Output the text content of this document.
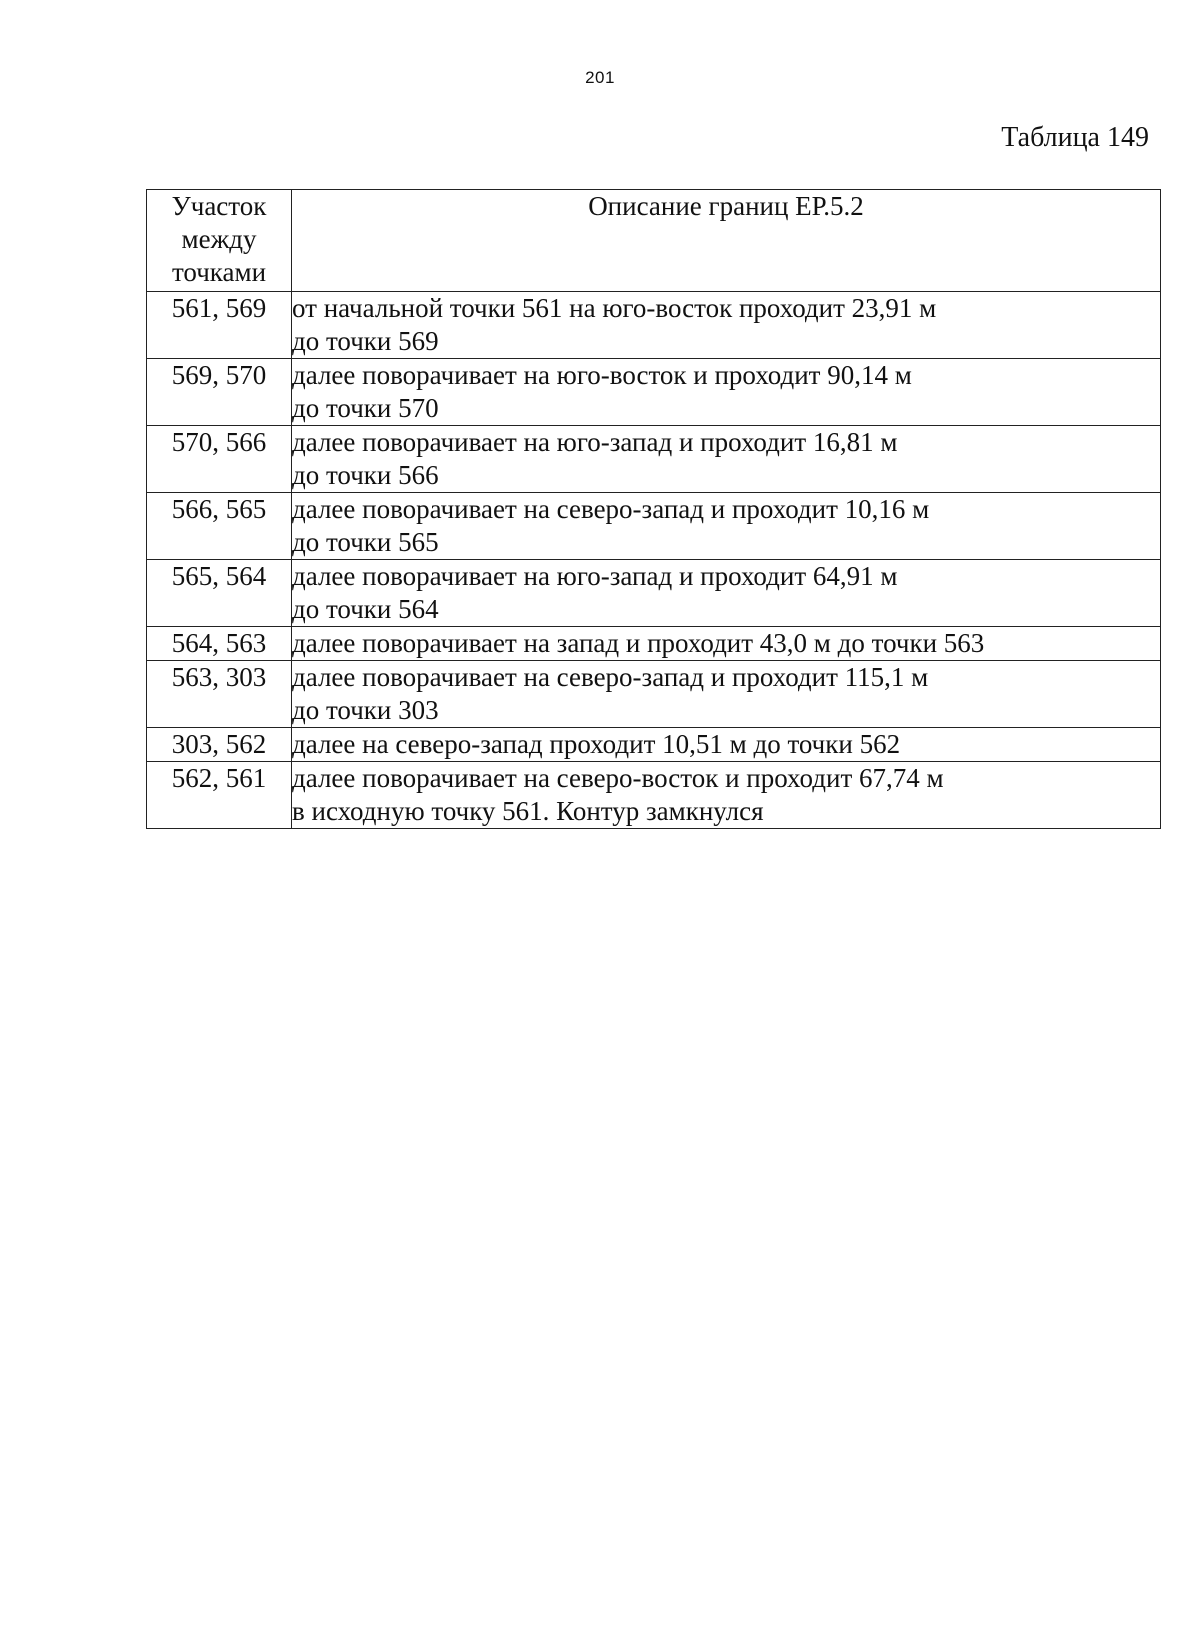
201
Таблица 149
Участок
между
точками	Описание границ ЕР.5.2
561, 569	от начальной точки 561 на юго-восток проходит 23,91 м
до точки 569

569, 570	далее поворачивает на юго-восток и проходит 90,14 м
до точки 570

570, 566	далее поворачивает на юго-запад и проходит 16,81 м
до точки 566

566, 565	далее поворачивает на северо-запад и проходит 10,16 м
до точки 565

565, 564	далее поворачивает на юго-запад и проходит 64,91 м
до точки 564

564, 563	далее поворачивает на запад и проходит 43,0 м до точки 563

563, 303	далее поворачивает на северо-запад и проходит 115,1 м
до точки 303

303, 562	далее на северо-запад проходит 10,51 м до точки 562

562, 561	далее поворачивает на северо-восток и проходит 67,74 м
в исходную точку 561. Контур замкнулся
